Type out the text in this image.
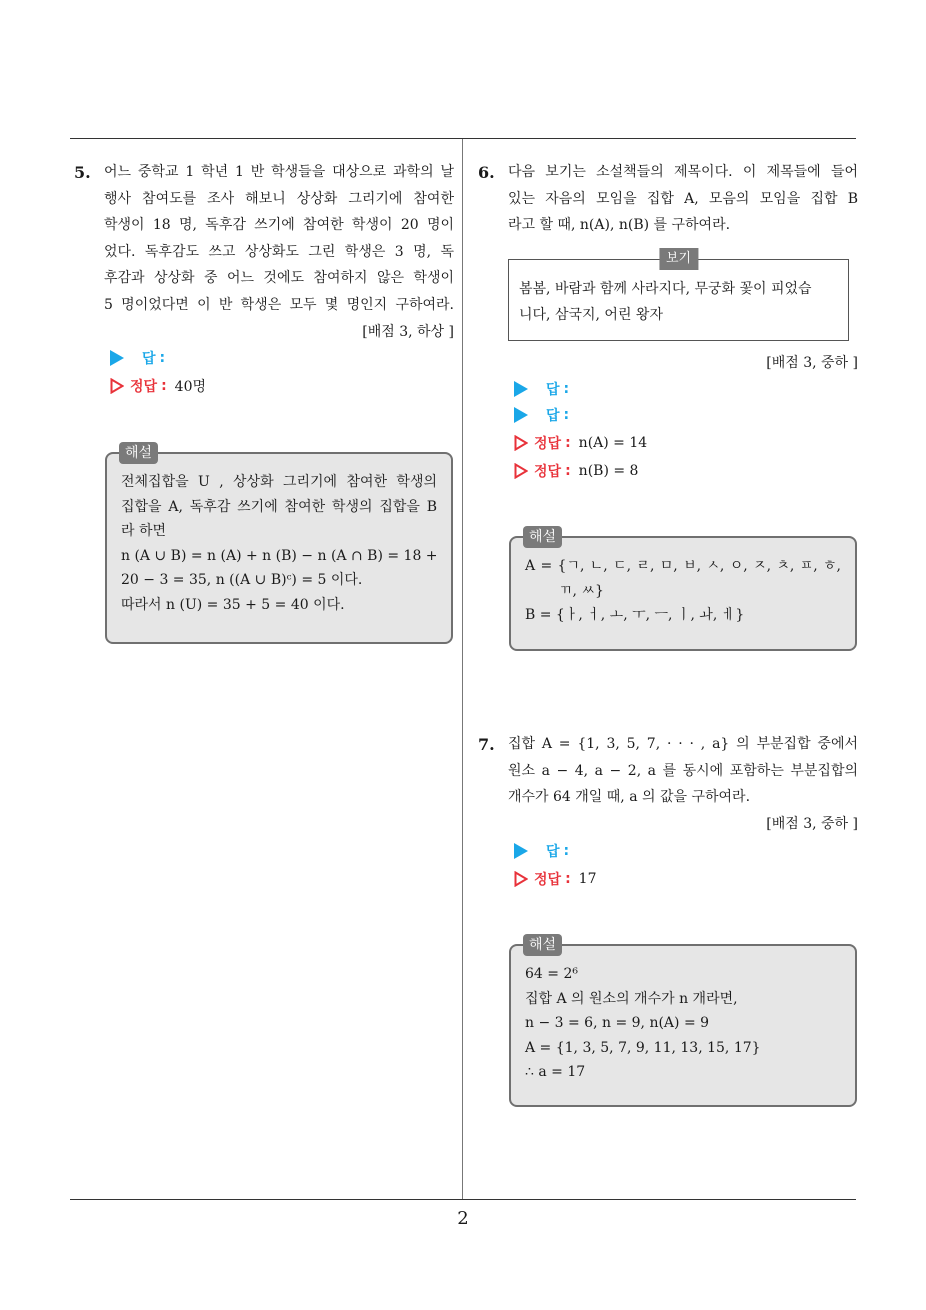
2
5. 어느 중학교 1 학년 1 반 학생들을 대상으로 과학의 날
행사 참여도를 조사 해보니 상상화 그리기에 참여한
학생이 18 명, 독후감 쓰기에 참여한 학생이 20 명이
었다. 독후감도 쓰고 상상화도 그린 학생은 3 명, 독
후감과 상상화 중 어느 것에도 참여하지 않은 학생이
5 명이었다면 이 반 학생은 모두 몇 명인지 구하여라.
[배점 3, 하상 ]
답 :
정답 : 40명
해설
전체집합을 U , 상상화 그리기에 참여한 학생의
집합을 A, 독후감 쓰기에 참여한 학생의 집합을 B
라 하면
n (A ∪ B) = n (A) + n (B) − n (A ∩ B) = 18 +
20 − 3 = 35, n ((A ∪ B)ᶜ) = 5 이다.
따라서 n (U) = 35 + 5 = 40 이다.
6. 다음 보기는 소설책들의 제목이다. 이 제목들에 들어
있는 자음의 모임을 집합 A, 모음의 모임을 집합 B
라고 할 때, n(A), n(B) 를 구하여라.
보기
봄봄, 바람과 함께 사라지다, 무궁화 꽃이 피었습
니다, 삼국지, 어린 왕자
[배점 3, 중하 ]
답 :
답 :
정답 : n(A) = 14
정답 : n(B) = 8
해설
A = {ㄱ, ㄴ, ㄷ, ㄹ, ㅁ, ㅂ, ㅅ, ㅇ, ㅈ, ㅊ, ㅍ, ㅎ,
ㄲ, ㅆ}
B = {ㅏ, ㅓ, ㅗ, ㅜ, ㅡ, ㅣ, ㅘ, ㅔ}
7. 집합 A = {1, 3, 5, 7, · · · , a} 의 부분집합 중에서
원소 a − 4, a − 2, a 를 동시에 포함하는 부분집합의
개수가 64 개일 때, a 의 값을 구하여라.
[배점 3, 중하 ]
답 :
정답 : 17
해설
64 = 2⁶
집합 A 의 원소의 개수가 n 개라면,
n − 3 = 6, n = 9, n(A) = 9
A = {1, 3, 5, 7, 9, 11, 13, 15, 17}
∴ a = 17
